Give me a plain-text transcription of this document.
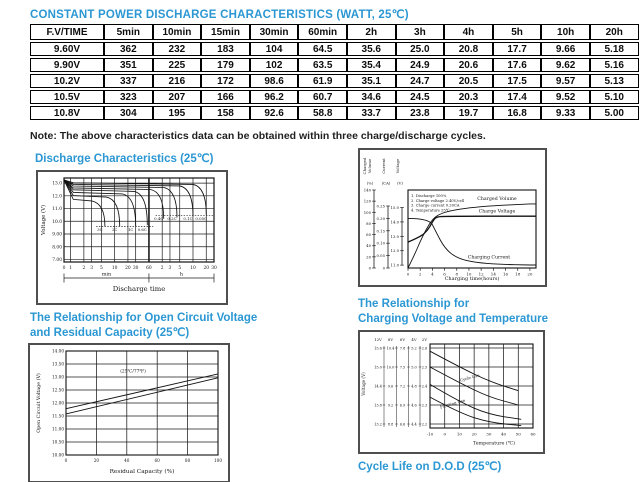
CONSTANT POWER DISCHARGE CHARACTERISTICS (WATT, 25℃)
F.V/TIME	5min	10min	15min	30min	60min	2h	3h	4h	5h	10h	20h
9.60V	362	232	183	104	64.5	35.6	25.0	20.8	17.7	9.66	5.18
9.90V	351	225	179	102	63.5	35.4	24.9	20.6	17.6	9.62	5.16
10.2V	337	216	172	98.6	61.9	35.1	24.7	20.5	17.5	9.57	5.13
10.5V	323	207	166	96.2	60.7	34.6	24.5	20.3	17.4	9.52	5.10
10.8V	304	195	158	92.6	58.8	33.7	23.8	19.7	16.8	9.33	5.00
Note: The above characteristics data can be obtained within three charge/discharge cycles.
Discharge Characteristics (25℃)
13.0
12.0
11.0
10.0
9.00
8.00
7.00
0 1 2 3 5 10 20 30 60 2 3 5 10 20 30
3C 2C	1C 0.6C
0.4C 0.2C 0.1C 0.05C
min	h
Discharge time
Voltage (V)
140
120
100
80
60
40
20
0
Charged Volume
(%)
0.25
0.20
0.15
0.10
0.05
0
Current
(CA)
15.0
14.0
13.0
12.0
11.0
Voltage
(V)
0 2 4 6 8 10 12 14 16 18 20
Charging time(hours)
1. Discharge 100%
2. Charge voltage 2.40V/cell
3. Charge current 0.20CA
4. Temperature 25℃
Charged Volume
Charge Voltage
Charging Current
The Relationship for Open Circuit Voltage
and Residual Capacity (25℃)
14.00
13.50
13.00
12.50
12.00
11.50
11.00
10.50
10.00
0	20	40	60	80	100
(25℃/77℉)
Residual Capacity (%)
Open Circuit Voltage (V)
The Relationship for
Charging Voltage and Temperature
-10	0	10 20 30 40 50 60
12V
15.6
15.0
14.4
13.8
13.2
8V
10.4
10.0
9.6
9.2
8.8
6V
7.8
7.5
7.2
6.9
6.6
4V
5.2
5.0
4.8
4.6
4.4
2V
2.6
2.5
2.4
2.3
2.2
Voltage (V)
Temperature (℃)
Cycle Use
Floating Use
Cycle Life on D.O.D (25℃)
